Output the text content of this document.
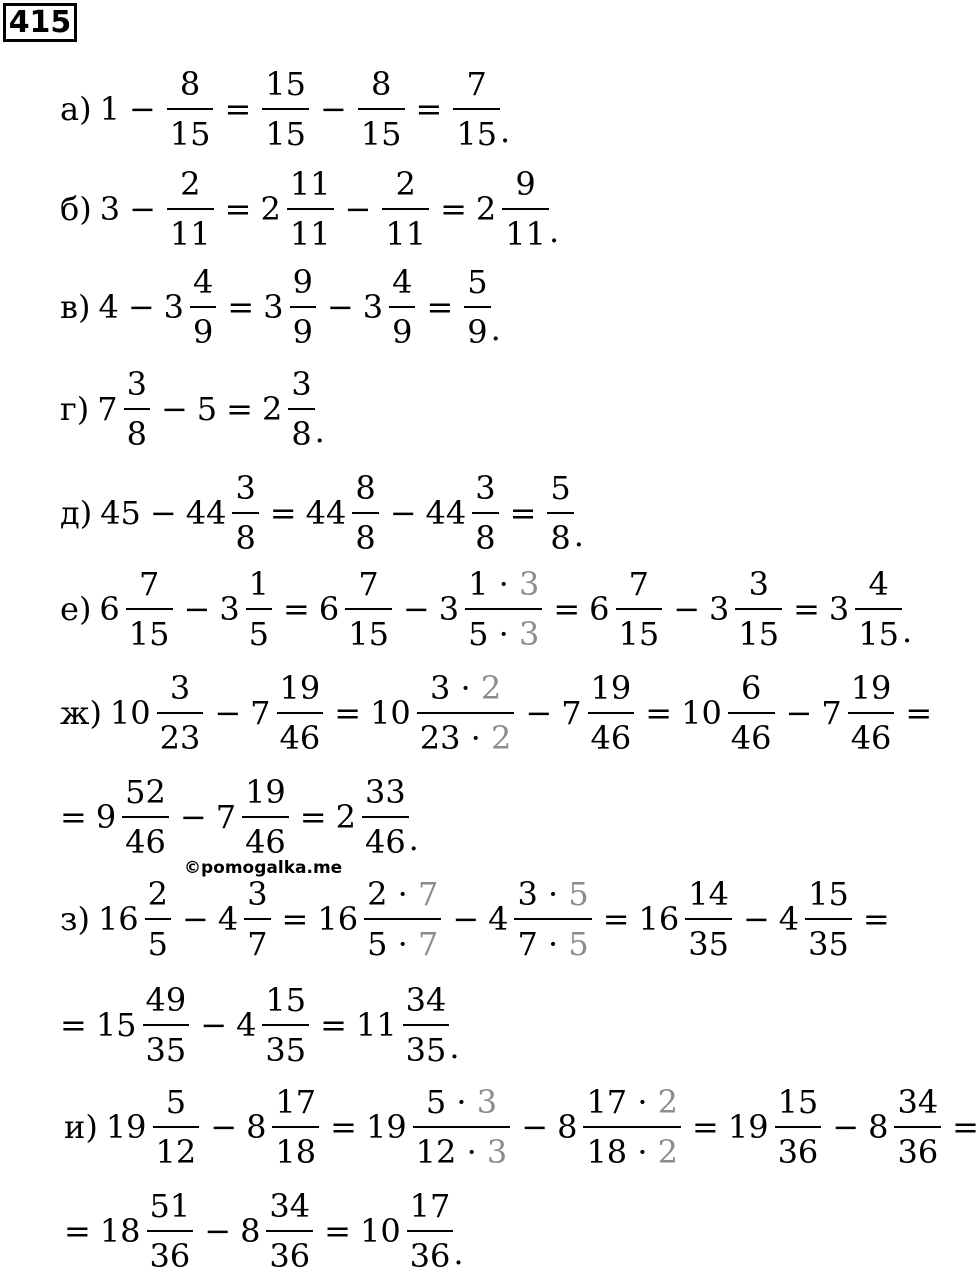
415
а) $1 - \frac{8}{15} = \frac{15}{15} - \frac{8}{15} = \frac{7}{15}$ .
б) $3 - \frac{2}{11} = 2 \frac{11}{11} - \frac{2}{11} = 2 \frac{9}{11}$ .
в) $4 - 3 \frac{4}{9} = 3 \frac{9}{9} - 3 \frac{4}{9} = \frac{5}{9}$ .
г) $7 \frac{3}{8} - 5 = 2 \frac{3}{8}$ .
д) $45 - 44 \frac{3}{8} = 44 \frac{8}{8} - 44 \frac{3}{8} = \frac{5}{8}$ .
е) $6 \frac{7}{15} - 3 \frac{1}{5} = 6 \frac{7}{15} - 3 \frac{1 \cdot 3}{5 \cdot 3} = 6 \frac{7}{15} - 3 \frac{3}{15} = 3 \frac{4}{15}$ .
ж) $10 \frac{3}{23} - 7 \frac{19}{46} = 10 \frac{3 \cdot 2}{23 \cdot 2} - 7 \frac{19}{46} = 10 \frac{6}{46} - 7 \frac{19}{46}$ =
= $9 \frac{52}{46} - 7 \frac{19}{46} = 2 \frac{33}{46}$ .
©pomogalka.me
з) $16 \frac{2}{5} - 4 \frac{3}{7} = 16 \frac{2 \cdot 7}{5 \cdot 7} - 4 \frac{3 \cdot 5}{7 \cdot 5} = 16 \frac{14}{35} - 4 \frac{15}{35}$ =
= $15 \frac{49}{35} - 4 \frac{15}{35} = 11 \frac{34}{35}$ .
и) $19 \frac{5}{12} - 8 \frac{17}{18} = 19 \frac{5 \cdot 3}{12 \cdot 3} - 8 \frac{17 \cdot 2}{18 \cdot 2} = 19 \frac{15}{36} - 8 \frac{34}{36}$ =
= $18 \frac{51}{36} - 8 \frac{34}{36} = 10 \frac{17}{36}$ .
